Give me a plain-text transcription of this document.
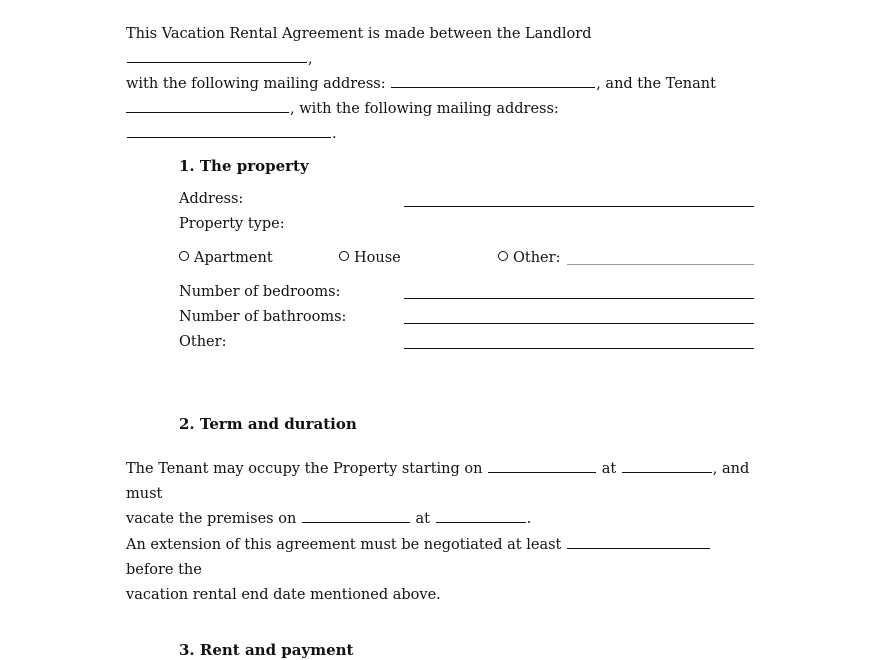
This Vacation Rental Agreement is made between the Landlord ,
with the following mailing address:	, and the Tenant
, with the following mailing address: .
1. The property
Address:
Property type:
Apartment	House	Other:
Number of bedrooms:
Number of bathrooms:
Other:
2. Term and duration
The Tenant may occupy the Property starting on	at	, and must
vacate the premises on	at	.
An extension of this agreement must be negotiated at least  before the
vacation rental end date mentioned above.
3. Rent and payment
